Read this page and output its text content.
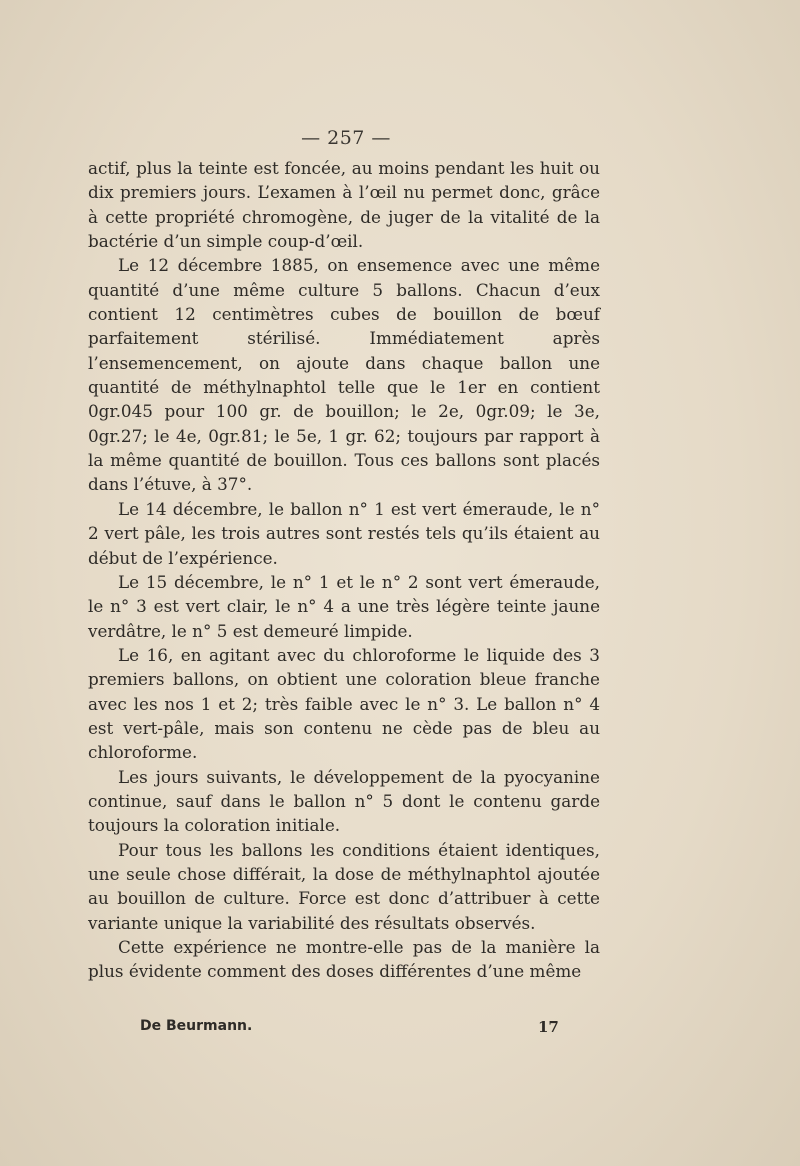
— 257 —

actif, plus la teinte est foncée, au moins pendant les huit ou dix premiers jours. L’examen à l’œil nu permet donc, grâce à cette propriété chromogène, de juger de la vitalité de la bactérie d’un simple coup-d’œil.

Le 12 décembre 1885, on ensemence avec une même quantité d’une même culture 5 ballons. Chacun d’eux contient 12 centimètres cubes de bouillon de bœuf parfaitement stérilisé. Immédiatement après l’ensemencement, on ajoute dans chaque ballon une quantité de méthylnaphtol telle que le 1er en contient 0gr.045 pour 100 gr. de bouillon; le 2e, 0gr.09; le 3e, 0gr.27; le 4e, 0gr.81; le 5e, 1 gr. 62; toujours par rapport à la même quantité de bouillon. Tous ces ballons sont placés dans l’étuve, à 37°.

Le 14 décembre, le ballon n° 1 est vert émeraude, le n° 2 vert pâle, les trois autres sont restés tels qu’ils étaient au début de l’expérience.

Le 15 décembre, le n° 1 et le n° 2 sont vert émeraude, le n° 3 est vert clair, le n° 4 a une très légère teinte jaune verdâtre, le n° 5 est demeuré limpide.

Le 16, en agitant avec du chloroforme le liquide des 3 premiers ballons, on obtient une coloration bleue franche avec les nos 1 et 2; très faible avec le n° 3. Le ballon n° 4 est vert-pâle, mais son contenu ne cède pas de bleu au chloroforme.

Les jours suivants, le développement de la pyocyanine continue, sauf dans le ballon n° 5 dont le contenu garde toujours la coloration initiale.

Pour tous les ballons les conditions étaient identiques, une seule chose différait, la dose de méthylnaphtol ajoutée au bouillon de culture. Force est donc d’attribuer à cette variante unique la variabilité des résultats observés.

Cette expérience ne montre-elle pas de la manière la plus évidente comment des doses différentes d’une même

De Beurmann.	17
